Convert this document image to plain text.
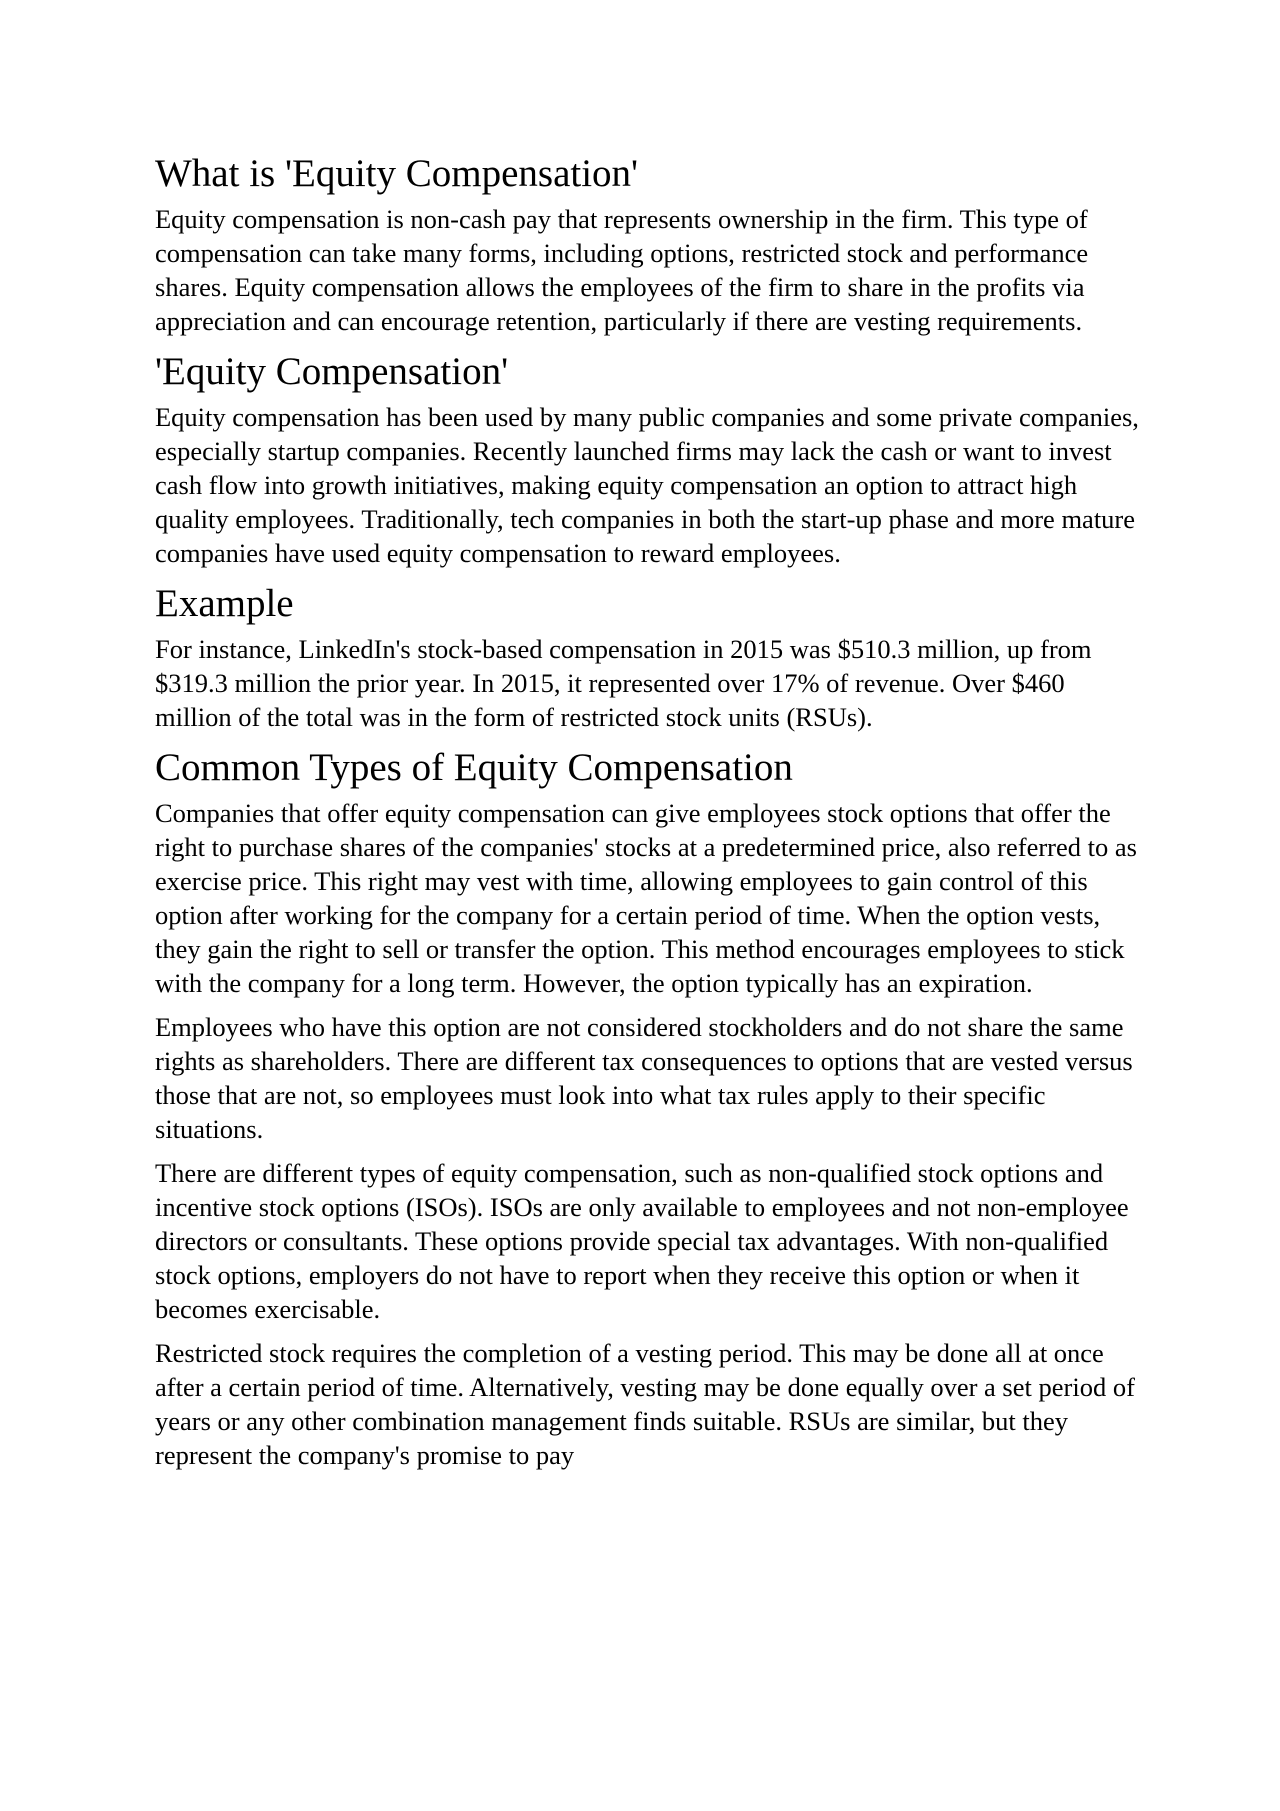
What is 'Equity Compensation'

Equity compensation is non-cash pay that represents ownership in the firm. This type of compensation can take many forms, including options, restricted stock and performance shares. Equity compensation allows the employees of the firm to share in the profits via appreciation and can encourage retention, particularly if there are vesting requirements.

'Equity Compensation'

Equity compensation has been used by many public companies and some private companies, especially startup companies. Recently launched firms may lack the cash or want to invest cash flow into growth initiatives, making equity compensation an option to attract high quality employees. Traditionally, tech companies in both the start-up phase and more mature companies have used equity compensation to reward employees.

Example

For instance, LinkedIn's stock-based compensation in 2015 was $510.3 million, up from $319.3 million the prior year. In 2015, it represented over 17% of revenue. Over $460 million of the total was in the form of restricted stock units (RSUs).

Common Types of Equity Compensation

Companies that offer equity compensation can give employees stock options that offer the right to purchase shares of the companies' stocks at a predetermined price, also referred to as exercise price. This right may vest with time, allowing employees to gain control of this option after working for the company for a certain period of time. When the option vests, they gain the right to sell or transfer the option. This method encourages employees to stick with the company for a long term. However, the option typically has an expiration.

Employees who have this option are not considered stockholders and do not share the same rights as shareholders. There are different tax consequences to options that are vested versus those that are not, so employees must look into what tax rules apply to their specific situations.

There are different types of equity compensation, such as non-qualified stock options and incentive stock options (ISOs). ISOs are only available to employees and not non-employee directors or consultants. These options provide special tax advantages. With non-qualified stock options, employers do not have to report when they receive this option or when it becomes exercisable.

Restricted stock requires the completion of a vesting period. This may be done all at once after a certain period of time. Alternatively, vesting may be done equally over a set period of years or any other combination management finds suitable. RSUs are similar, but they represent the company's promise to pay
